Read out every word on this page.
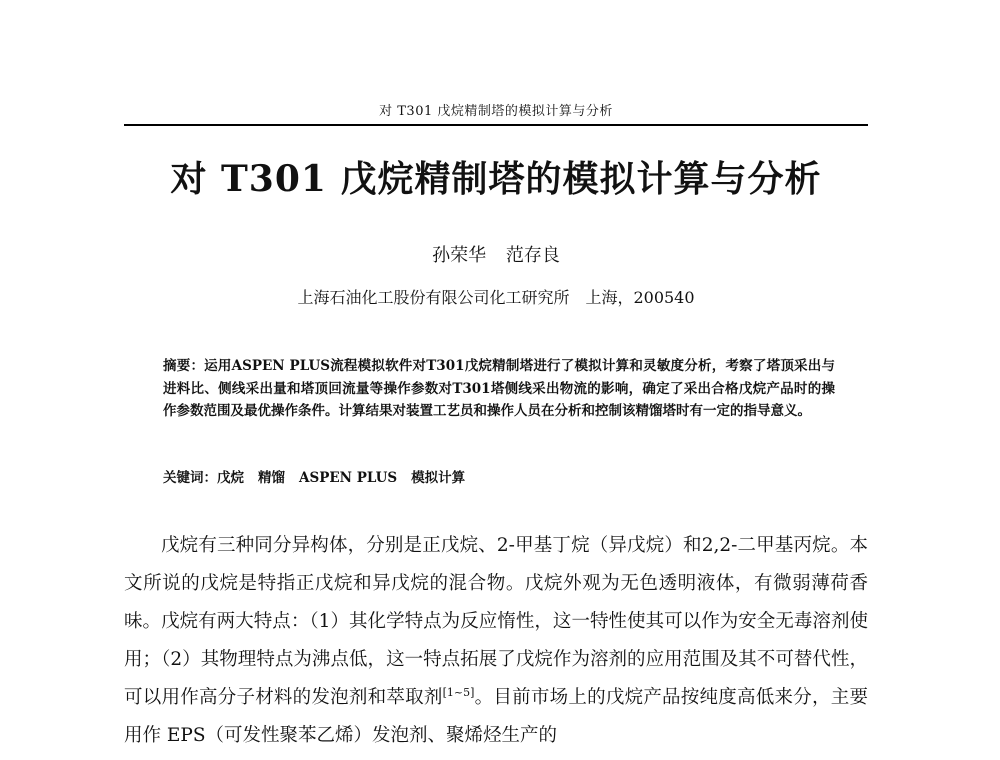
对 T301 戊烷精制塔的模拟计算与分析
对 T301 戊烷精制塔的模拟计算与分析
孙荣华 范存良
上海石油化工股份有限公司化工研究所　上海，200540
摘要：运用ASPEN PLUS流程模拟软件对T301戊烷精制塔进行了模拟计算和灵敏度分析，考察了塔顶采出与进料比、侧线采出量和塔顶回流量等操作参数对T301塔侧线采出物流的影响，确定了采出合格戊烷产品时的操作参数范围及最优操作条件。计算结果对装置工艺员和操作人员在分析和控制该精馏塔时有一定的指导意义。
关键词：戊烷 精馏 ASPEN PLUS 模拟计算

戊烷有三种同分异构体，分别是正戊烷、2-甲基丁烷（异戊烷）和2,2-二甲基丙烷。本文所说的戊烷是特指正戊烷和异戊烷的混合物。戊烷外观为无色透明液体，有微弱薄荷香味。戊烷有两大特点：（1）其化学特点为反应惰性，这一特性使其可以作为安全无毒溶剂使用；（2）其物理特点为沸点低，这一特点拓展了戊烷作为溶剂的应用范围及其不可替代性，可以用作高分子材料的发泡剂和萃取剂[1~5]。目前市场上的戊烷产品按纯度高低来分，主要用作 EPS（可发性聚苯乙烯）发泡剂、聚烯烃生产的
